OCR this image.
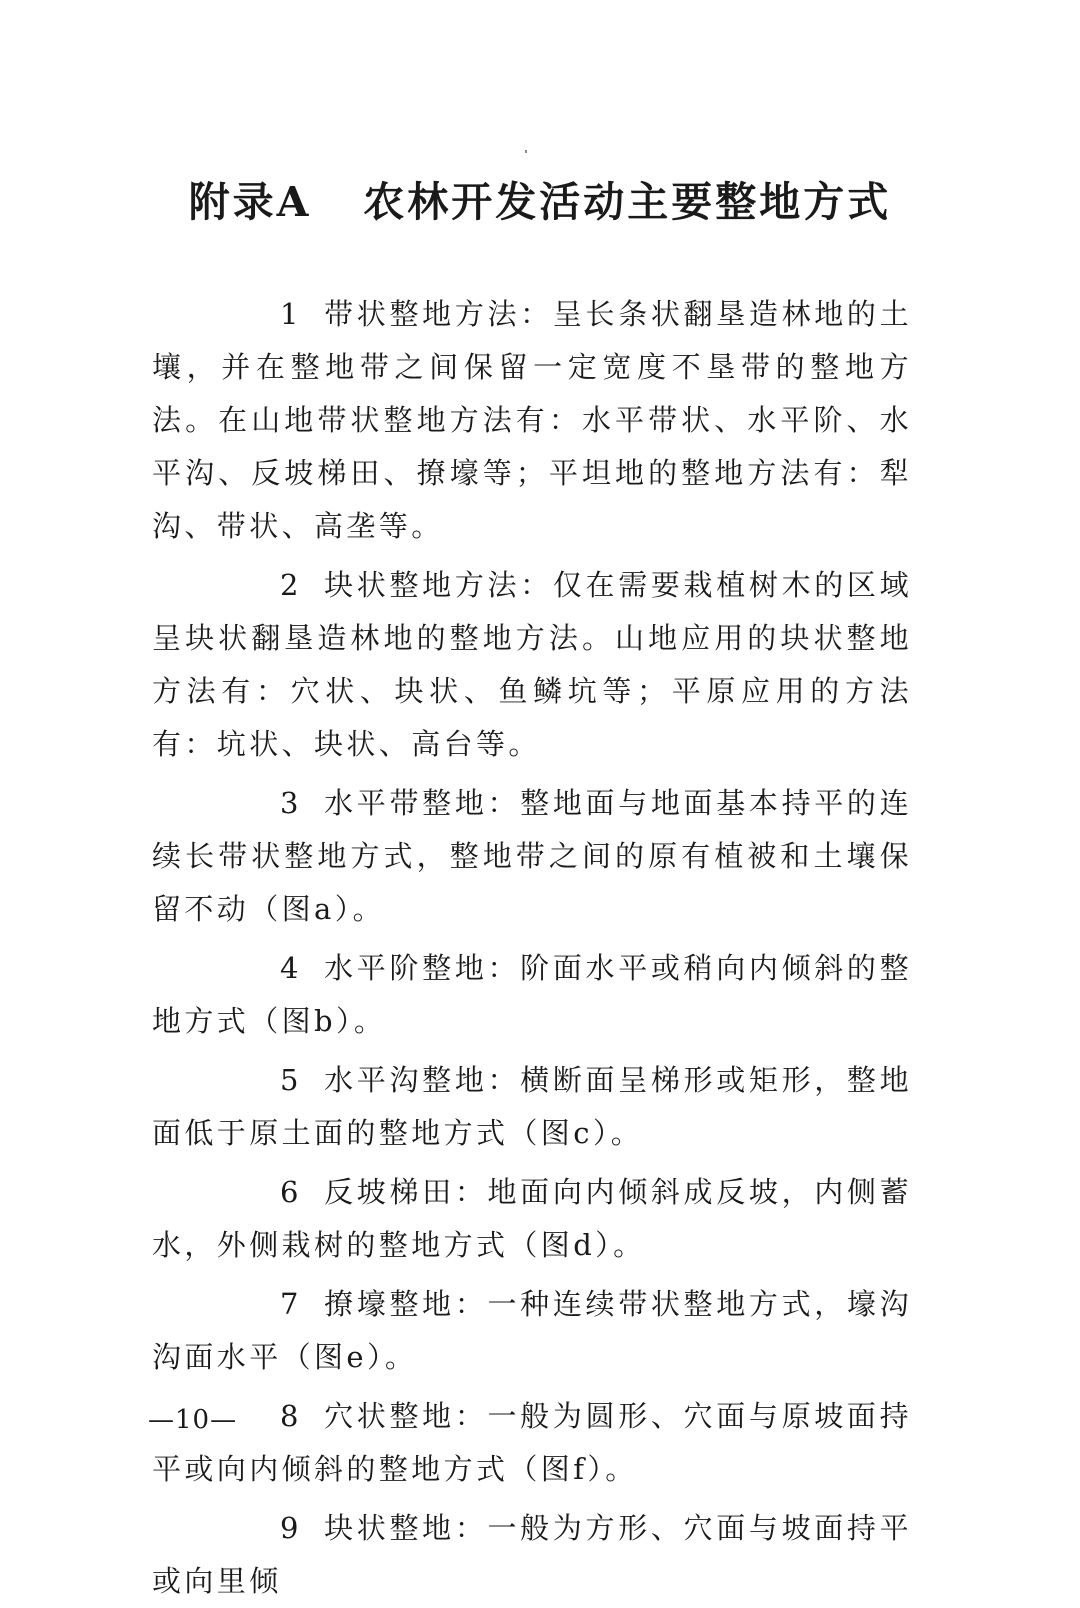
附录A   农林开发活动主要整地方式

1 带状整地方法：呈长条状翻垦造林地的土壤，并在整地带之间保留一定宽度不垦带的整地方法。在山地带状整地方法有：水平带状、水平阶、水平沟、反坡梯田、撩壕等；平坦地的整地方法有：犁沟、带状、高垄等。

2 块状整地方法：仅在需要栽植树木的区域呈块状翻垦造林地的整地方法。山地应用的块状整地方法有：穴状、块状、鱼鳞坑等；平原应用的方法有：坑状、块状、高台等。

3 水平带整地：整地面与地面基本持平的连续长带状整地方式，整地带之间的原有植被和土壤保留不动（图a）。

4 水平阶整地：阶面水平或稍向内倾斜的整地方式（图b）。

5 水平沟整地：横断面呈梯形或矩形，整地面低于原土面的整地方式（图c）。

6 反坡梯田：地面向内倾斜成反坡，内侧蓄水，外侧栽树的整地方式（图d）。

7 撩壕整地：一种连续带状整地方式，壕沟沟面水平（图e）。

8 穴状整地：一般为圆形、穴面与原坡面持平或向内倾斜的整地方式（图f）。

9 块状整地：一般为方形、穴面与坡面持平或向里倾

—10—
